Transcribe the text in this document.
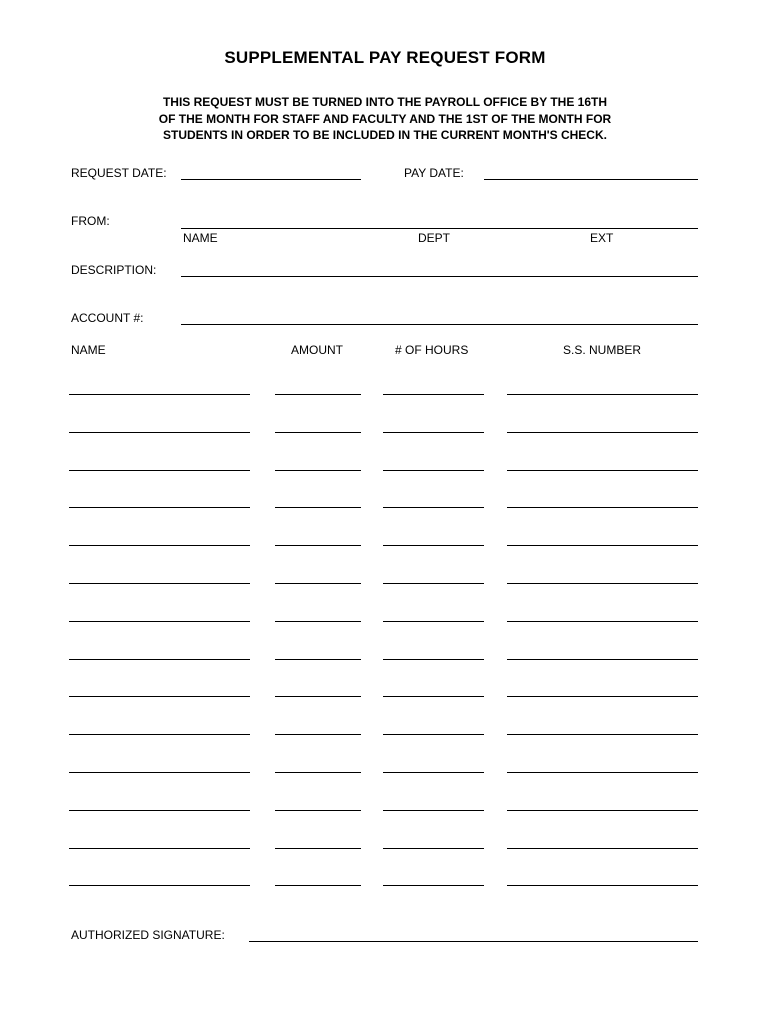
SUPPLEMENTAL PAY REQUEST FORM
THIS REQUEST MUST BE TURNED INTO THE PAYROLL OFFICE BY THE 16TH
OF THE MONTH FOR STAFF AND FACULTY AND THE 1ST OF THE MONTH FOR
STUDENTS IN ORDER TO BE INCLUDED IN THE CURRENT MONTH'S CHECK.
REQUEST DATE:	PAY DATE:
FROM:
NAME	DEPT	EXT
DESCRIPTION:
ACCOUNT #:
NAME	AMOUNT	# OF HOURS	S.S. NUMBER
AUTHORIZED SIGNATURE:
